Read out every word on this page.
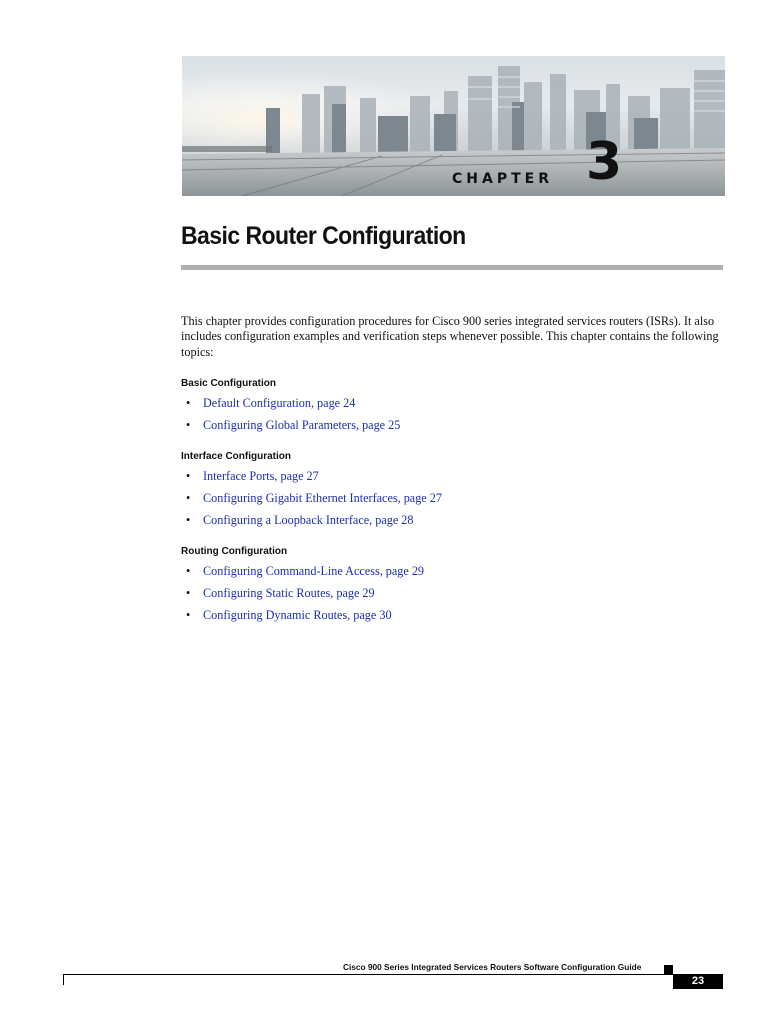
CHAPTER 3
Basic Router Configuration

This chapter provides configuration procedures for Cisco 900 series integrated services routers (ISRs). It also includes configuration examples and verification steps whenever possible. This chapter contains the following topics:

Basic Configuration
• Default Configuration, page 24
• Configuring Global Parameters, page 25
Interface Configuration
• Interface Ports, page 27
• Configuring Gigabit Ethernet Interfaces, page 27
• Configuring a Loopback Interface, page 28
Routing Configuration
• Configuring Command-Line Access, page 29
• Configuring Static Routes, page 29
• Configuring Dynamic Routes, page 30
Cisco 900 Series Integrated Services Routers Software Configuration Guide
23
